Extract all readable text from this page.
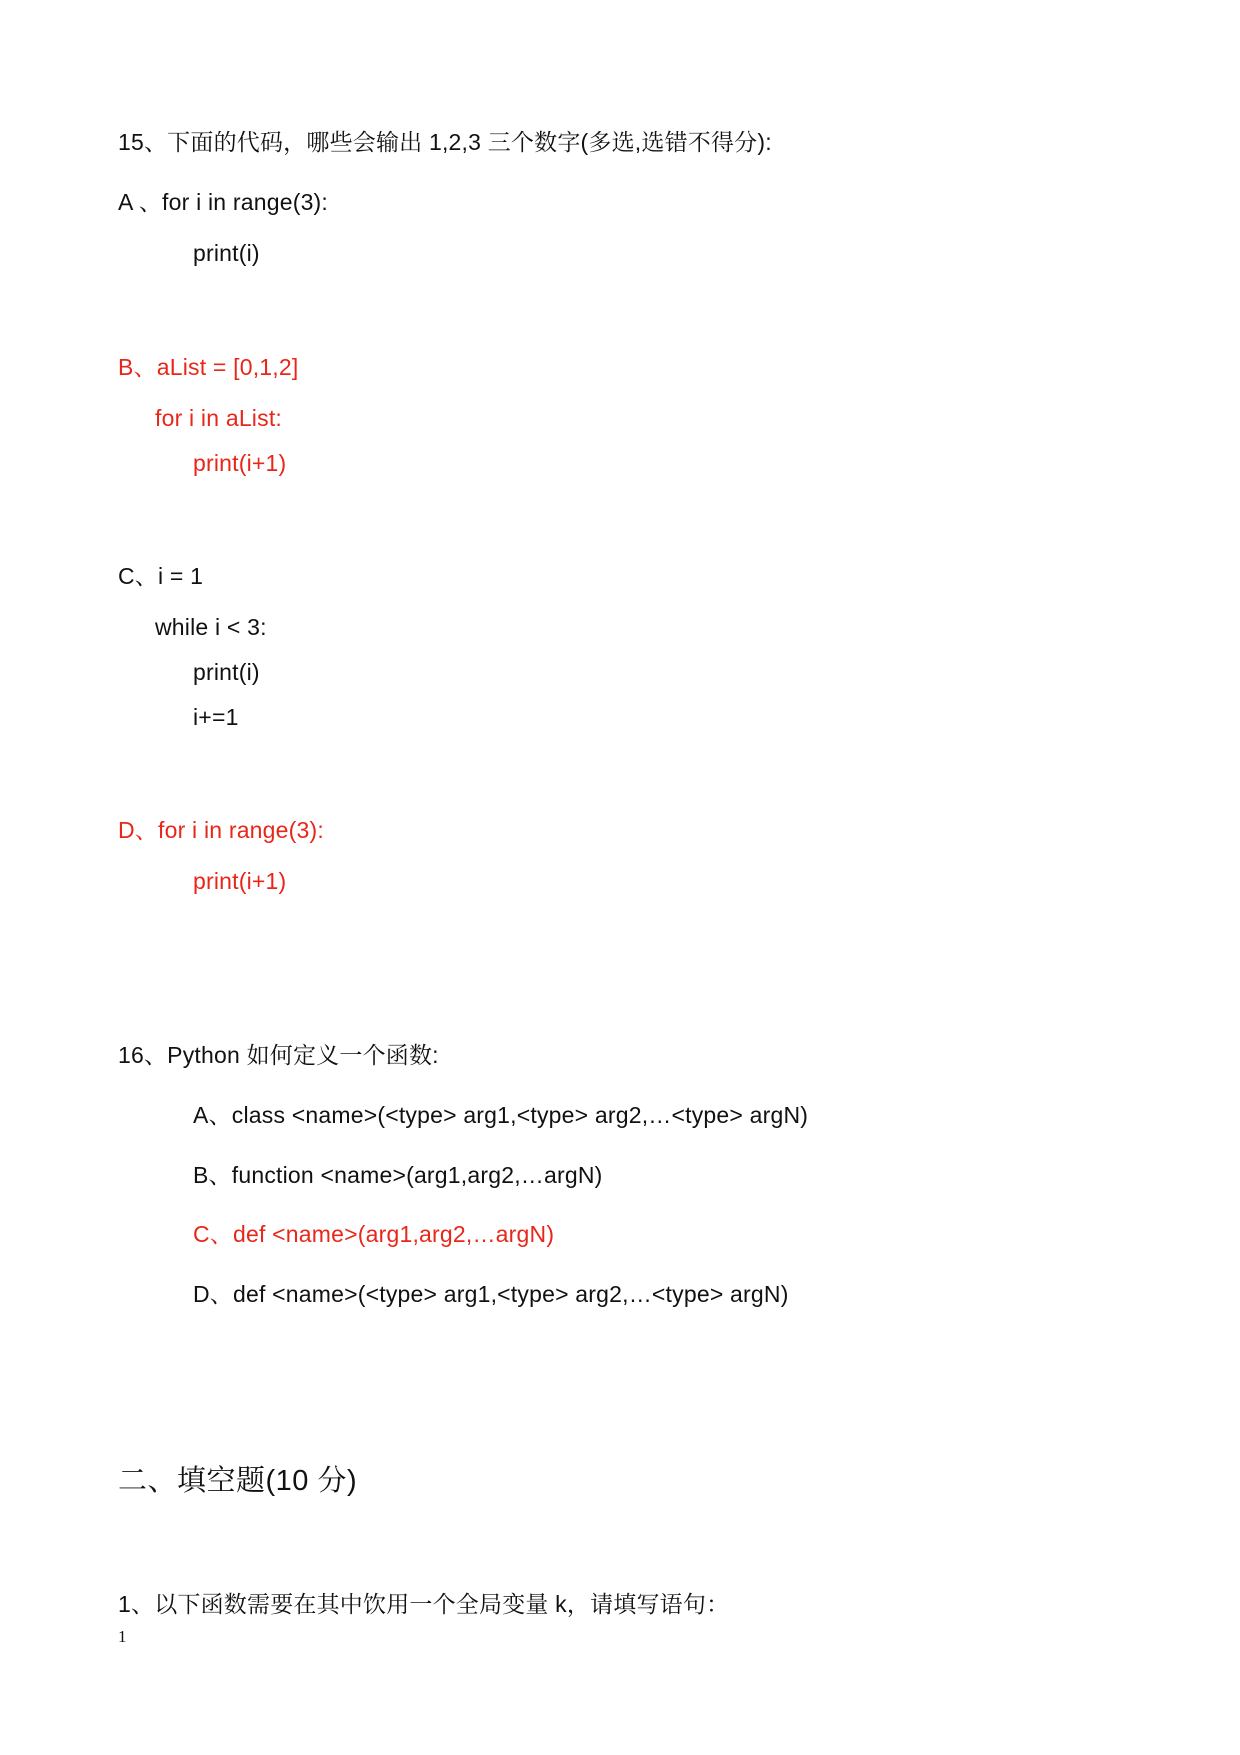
15、下面的代码，哪些会输出 1,2,3 三个数字(多选,选错不得分):
A 、for i in range(3):
print(i)
B、aList = [0,1,2]
for i in aList:
print(i+1)
C、i = 1
while i < 3:
print(i)
i+=1
D、for i in range(3):
print(i+1)
16、Python 如何定义一个函数:
A、class <name>(<type> arg1,<type> arg2,…<type> argN)
B、function <name>(arg1,arg2,…argN)
C、def <name>(arg1,arg2,…argN)
D、def <name>(<type> arg1,<type> arg2,…<type> argN)
二、填空题(10 分)
1、以下函数需要在其中饮用一个全局变量 k，请填写语句：
1
